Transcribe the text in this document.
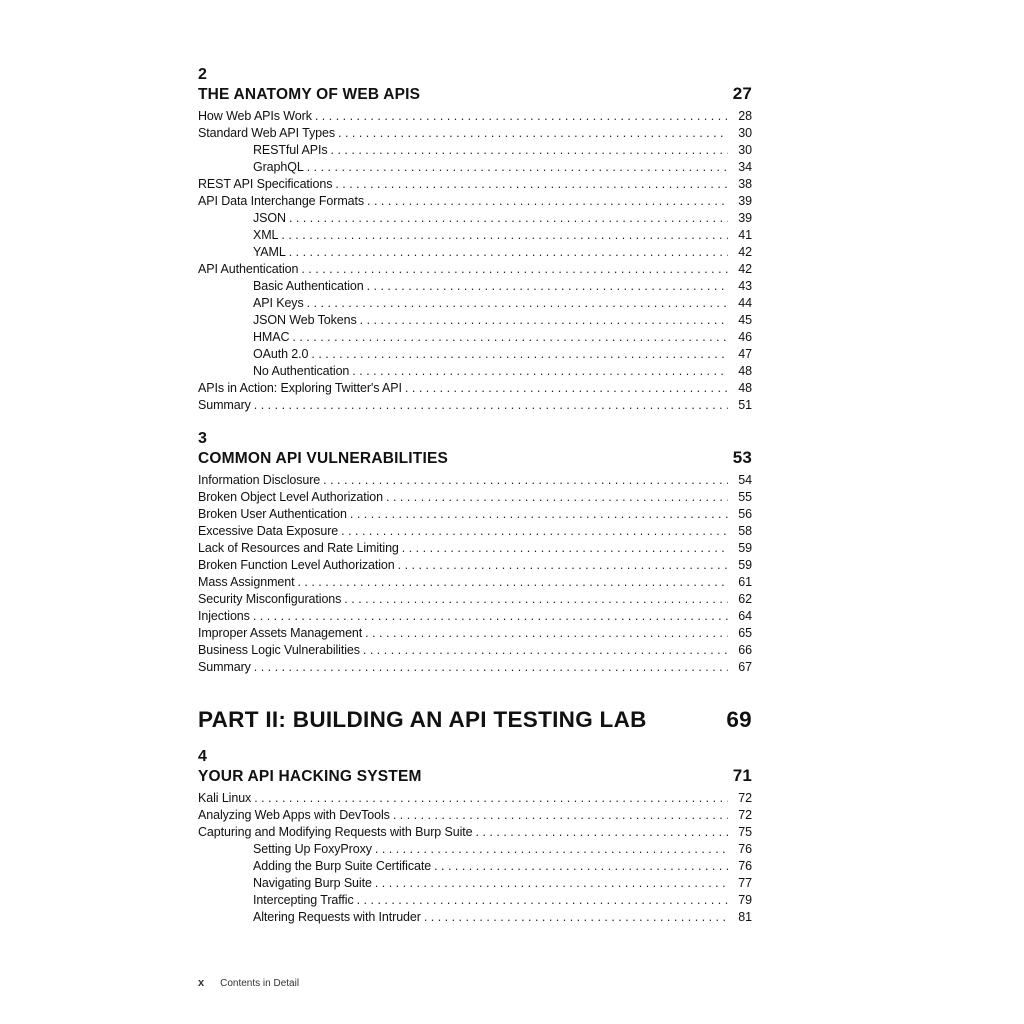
2
THE ANATOMY OF WEB APIS	27
How Web APIs Work . . .	28
Standard Web API Types . . .	30
RESTful APIs . . .	30
GraphQL . . .	34
REST API Specifications . . .	38
API Data Interchange Formats . . .	39
JSON . . .	39
XML . . .	41
YAML . . .	42
API Authentication . . .	42
Basic Authentication . . .	43
API Keys . . .	44
JSON Web Tokens . . .	45
HMAC . . .	46
OAuth 2.0 . . .	47
No Authentication . . .	48
APIs in Action: Exploring Twitter's API . . .	48
Summary . . .	51
3
COMMON API VULNERABILITIES	53
Information Disclosure . . .	54
Broken Object Level Authorization . . .	55
Broken User Authentication . . .	56
Excessive Data Exposure . . .	58
Lack of Resources and Rate Limiting . . .	59
Broken Function Level Authorization . . .	59
Mass Assignment . . .	61
Security Misconfigurations . . .	62
Injections . . .	64
Improper Assets Management . . .	65
Business Logic Vulnerabilities . . .	66
Summary . . .	67
PART II: BUILDING AN API TESTING LAB	69
4
YOUR API HACKING SYSTEM	71
Kali Linux . . .	72
Analyzing Web Apps with DevTools . . .	72
Capturing and Modifying Requests with Burp Suite . . .	75
Setting Up FoxyProxy . . .	76
Adding the Burp Suite Certificate . . .	76
Navigating Burp Suite . . .	77
Intercepting Traffic . . .	79
Altering Requests with Intruder . . .	81
x Contents in Detail
